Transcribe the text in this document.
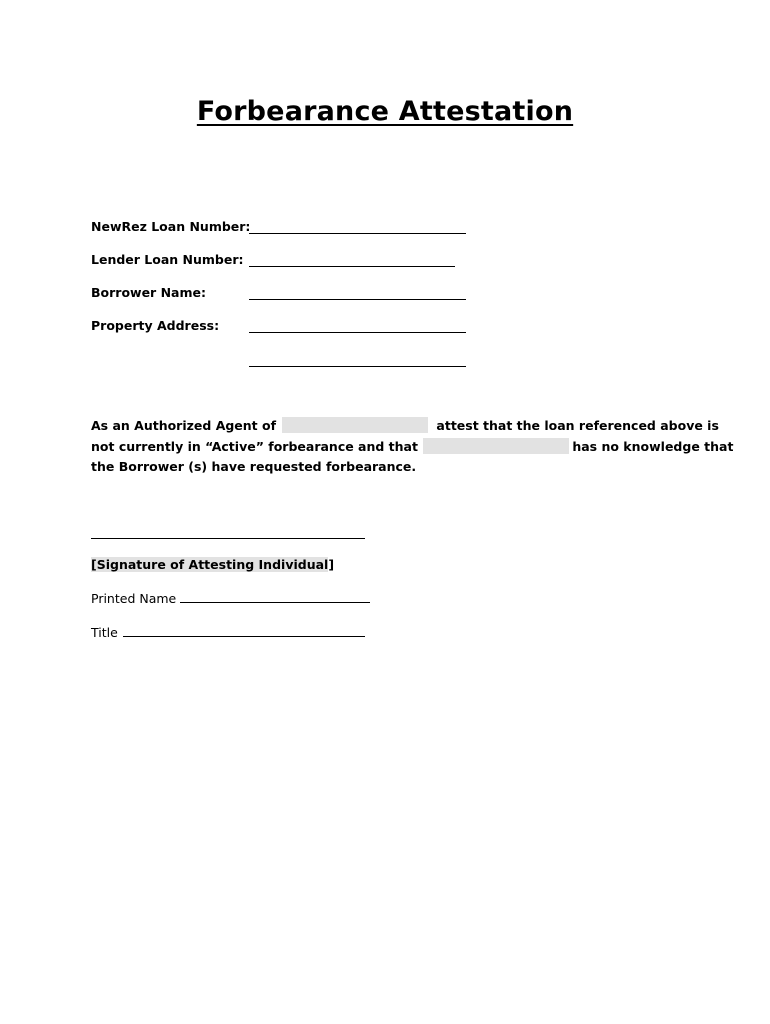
Forbearance Attestation
NewRez Loan Number:
Lender Loan Number:
Borrower Name:
Property Address:
As an Authorized Agent of	attest that the loan referenced above is
not currently in “Active” forbearance and that	has no knowledge that
the Borrower (s) have requested forbearance.
[Signature of Attesting Individual]
Printed Name
Title
